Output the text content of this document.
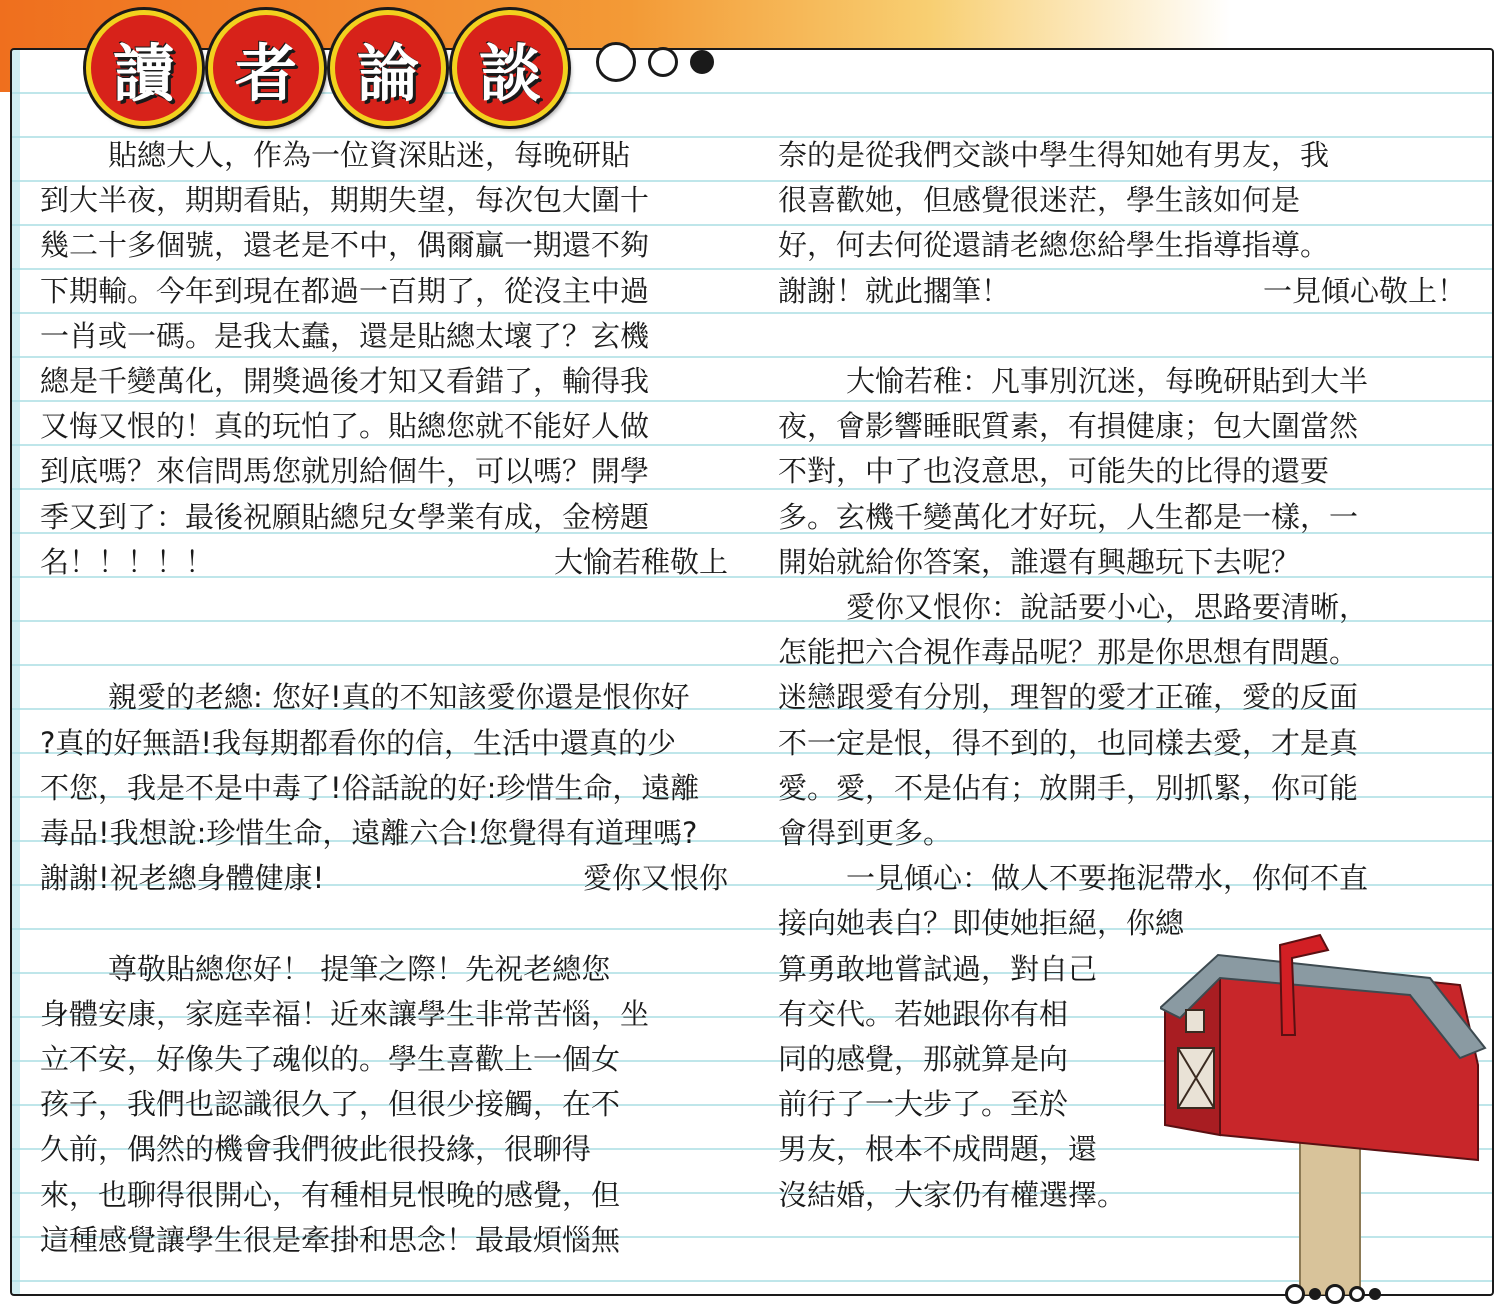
讀 者 論 談

貼總大人，作為一位資深貼迷，每晚研貼

到大半夜，期期看貼，期期失望，每次包大圍十

幾二十多個號，還老是不中，偶爾贏一期還不夠

下期輸。今年到現在都過一百期了，從沒主中過

一肖或一碼。是我太蠢，還是貼總太壞了？玄機

總是千變萬化，開獎過後才知又看錯了，輸得我

又悔又恨的！真的玩怕了。貼總您就不能好人做

到底嗎？來信問馬您就別給個牛，可以嗎？開學

季又到了：最後祝願貼總兒女學業有成，金榜題

名！！！！！	大愉若稚敬上

親愛的老總: 您好!真的不知該愛你還是恨你好

?真的好無語!我每期都看你的信，生活中還真的少

不您，我是不是中毒了!俗話說的好:珍惜生命，遠離

毒品!我想說:珍惜生命，遠離六合!您覺得有道理嗎?

謝謝!祝老總身體健康!	愛你又恨你

尊敬貼總您好！ 提筆之際！先祝老總您

身體安康，家庭幸福！近來讓學生非常苦惱，坐

立不安，好像失了魂似的。學生喜歡上一個女

孩子，我們也認識很久了，但很少接觸，在不

久前，偶然的機會我們彼此很投緣，很聊得

來，也聊得很開心，有種相見恨晚的感覺，但

這種感覺讓學生很是牽掛和思念！最最煩惱無

奈的是從我們交談中學生得知她有男友，我

很喜歡她，但感覺很迷茫，學生該如何是

好，何去何從還請老總您給學生指導指導。

謝謝！就此擱筆！	一見傾心敬上！

大愉若稚：凡事別沉迷，每晚研貼到大半

夜，會影響睡眠質素，有損健康；包大圍當然

不對，中了也沒意思，可能失的比得的還要

多。玄機千變萬化才好玩，人生都是一樣，一

開始就給你答案，誰還有興趣玩下去呢？

愛你又恨你：說話要小心，思路要清晰，

怎能把六合視作毒品呢？那是你思想有問題。

迷戀跟愛有分別，理智的愛才正確，愛的反面

不一定是恨，得不到的，也同樣去愛，才是真

愛。愛，不是佔有；放開手，別抓緊，你可能

會得到更多。

一見傾心：做人不要拖泥帶水，你何不直

接向她表白？即使她拒絕，你總

算勇敢地嘗試過，對自己

有交代。若她跟你有相

同的感覺，那就算是向

前行了一大步了。至於

男友，根本不成問題，還

沒結婚，大家仍有權選擇。
